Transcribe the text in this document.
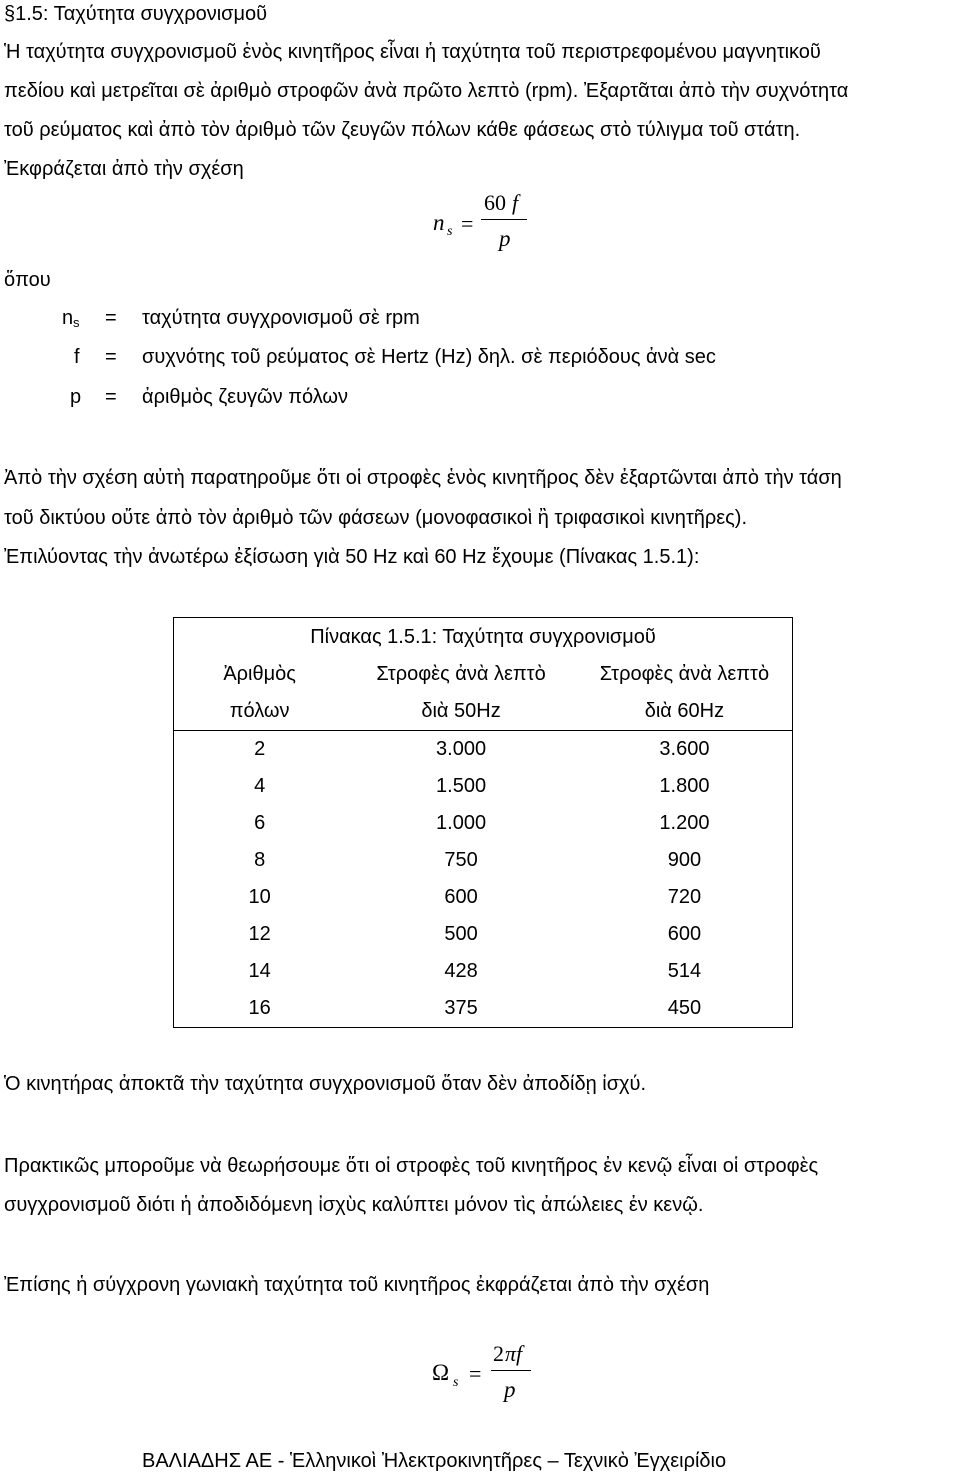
§1.5: Ταχύτητα συγχρονισμοῦ
Ἡ ταχύτητα συγχρονισμοῦ ἑνὸς κινητῆρος εἶναι ἡ ταχύτητα τοῦ περιστρεφομένου μαγνητικοῦ
πεδίου καὶ μετρεῖται σὲ ἀριθμὸ στροφῶν ἀνὰ πρῶτο λεπτὸ (rpm). Ἐξαρτᾶται ἀπὸ τὴν συχνότητα
τοῦ ρεύματος καὶ ἀπὸ τὸν ἀριθμὸ τῶν ζευγῶν πόλων κάθε φάσεως στὸ τύλιγμα τοῦ στάτη.
Ἐκφράζεται ἀπὸ τὴν σχέση
n s =
60 f
p
ὅπου
n s = ταχύτητα συγχρονισμοῦ σὲ rpm
f = συχνότης τοῦ ρεύματος σὲ Hertz (Hz) δηλ. σὲ περιόδους ἀνὰ sec
p = ἀριθμὸς ζευγῶν πόλων
Ἀπὸ τὴν σχέση αὐτὴ παρατηροῦμε ὅτι οἱ στροφὲς ἑνὸς κινητῆρος δὲν ἐξαρτῶνται ἀπὸ τὴν τάση
τοῦ δικτύου οὔτε ἀπὸ τὸν ἀριθμὸ τῶν φάσεων (μονοφασικοὶ ἢ τριφασικοὶ κινητῆρες).
Ἐπιλύοντας τὴν ἀνωτέρω ἐξίσωση γιὰ 50 Hz καὶ 60 Hz ἔχουμε (Πίνακας 1.5.1):
Πίνακας 1.5.1: Ταχύτητα συγχρονισμοῦ		
Ἀριθμὸς	Στροφὲς ἀνὰ λεπτὸ	Στροφὲς ἀνὰ λεπτὸ
πόλων	διὰ 50Hz	διὰ 60Hz
2	3.000	3.600
4	1.500	1.800
6	1.000	1.200
8	750	900
10	600	720
12	500	600
14	428	514
16	375	450
Ὁ κινητήρας ἀποκτᾶ τὴν ταχύτητα συγχρονισμοῦ ὅταν δὲν ἀποδίδῃ ἰσχύ.
Πρακτικῶς μποροῦμε νὰ θεωρήσουμε ὅτι οἱ στροφὲς τοῦ κινητῆρος ἐν κενῷ εἶναι οἱ στροφὲς
συγχρονισμοῦ διότι ἡ ἀποδιδόμενη ἰσχὺς καλύπτει μόνον τὶς ἀπώλειες ἐν κενῷ.
Ἐπίσης ἡ σύγχρονη γωνιακὴ ταχύτητα τοῦ κινητῆρος ἐκφράζεται ἀπὸ τὴν σχέση
Ω s =
2 πf
p
ΒΑΛΙΑΔΗΣ ΑΕ - Ἑλληνικοὶ Ἠλεκτροκινητῆρες – Τεχνικὸ Ἐγχειρίδιο
